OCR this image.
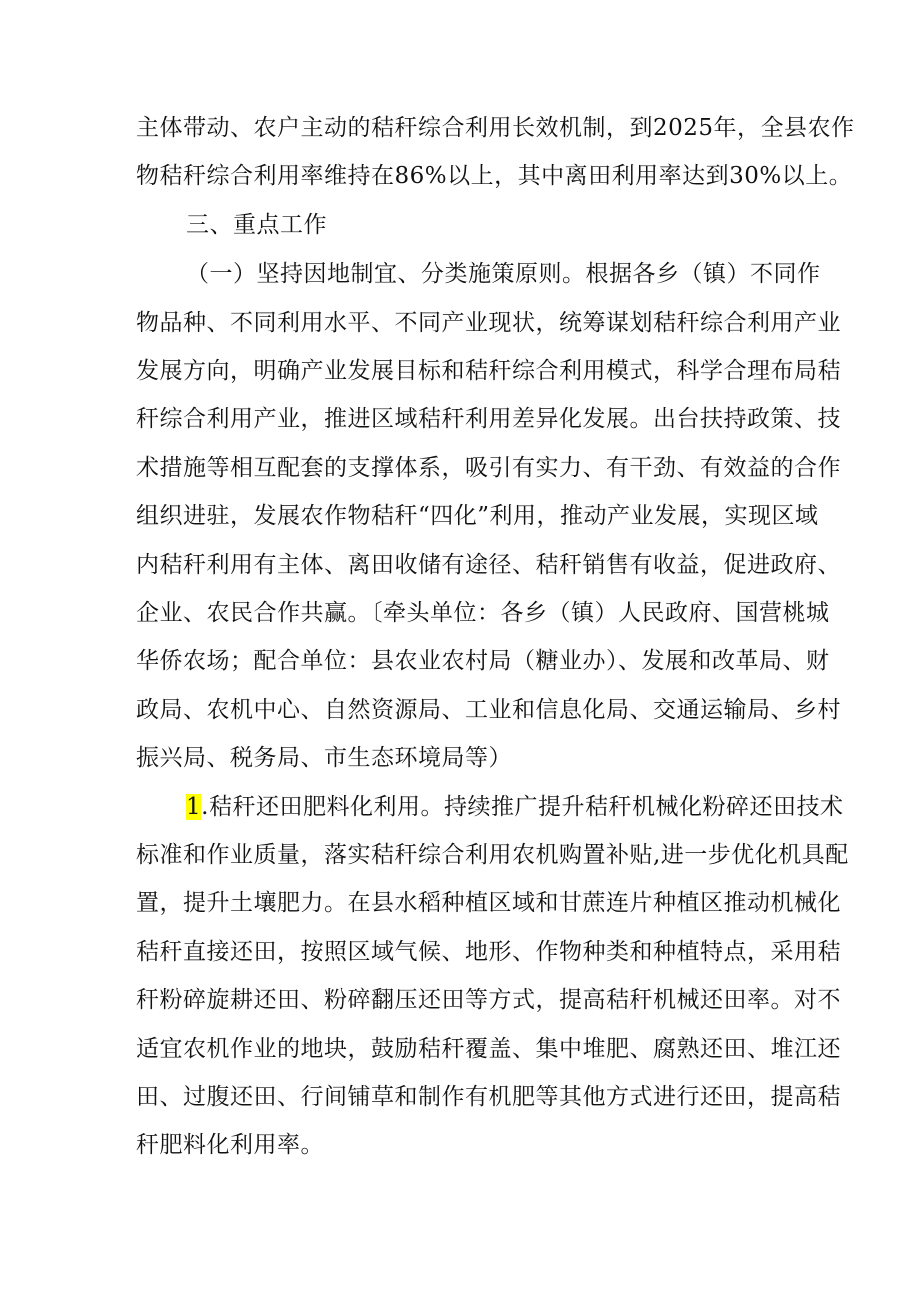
主体带动、农户主动的秸秆综合利用长效机制，到2025年，全县农作

物秸秆综合利用率维持在86%以上，其中离田利用率达到30%以上。

三、重点工作

（一）坚持因地制宜、分类施策原则。根据各乡（镇）不同作

物品种、不同利用水平、不同产业现状，统筹谋划秸秆综合利用产业

发展方向，明确产业发展目标和秸秆综合利用模式，科学合理布局秸

秆综合利用产业，推进区域秸秆利用差异化发展。出台扶持政策、技

术措施等相互配套的支撑体系，吸引有实力、有干劲、有效益的合作

组织进驻，发展农作物秸秆“四化”利用，推动产业发展，实现区域

内秸秆利用有主体、离田收储有途径、秸秆销售有收益，促进政府、

企业、农民合作共赢。〔牵头单位：各乡（镇）人民政府、国营桃城

华侨农场；配合单位：县农业农村局（糖业办）、发展和改革局、财

政局、农机中心、自然资源局、工业和信息化局、交通运输局、乡村

振兴局、税务局、市生态环境局等）

1.秸秆还田肥料化利用。持续推广提升秸秆机械化粉碎还田技术

标准和作业质量，落实秸秆综合利用农机购置补贴,进一步优化机具配

置，提升土壤肥力。在县水稻种植区域和甘蔗连片种植区推动机械化

秸秆直接还田，按照区域气候、地形、作物种类和种植特点，采用秸

秆粉碎旋耕还田、粉碎翻压还田等方式，提高秸秆机械还田率。对不

适宜农机作业的地块，鼓励秸秆覆盖、集中堆肥、腐熟还田、堆江还

田、过腹还田、行间铺草和制作有机肥等其他方式进行还田，提高秸

秆肥料化利用率。
